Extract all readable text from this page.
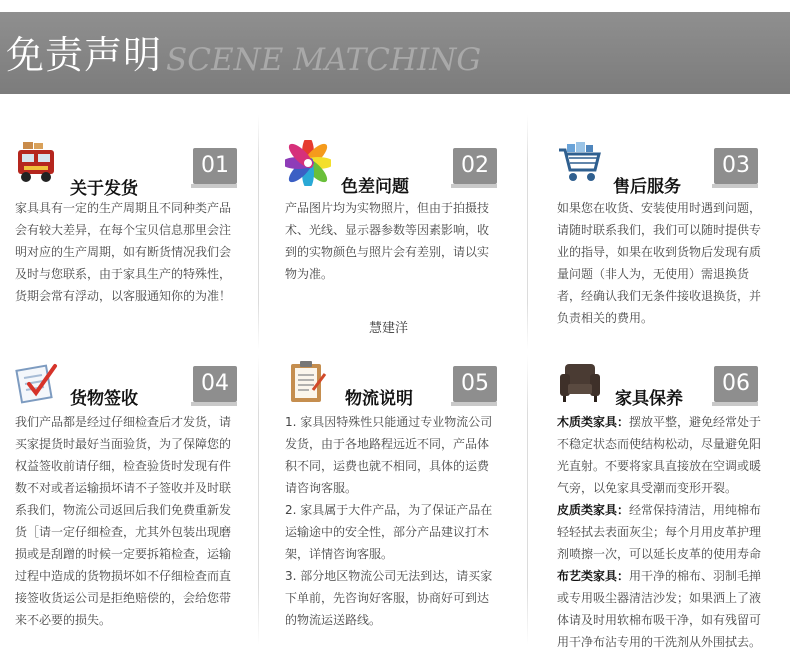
免责声明 SCENE MATCHING
关于发货
01
家具具有一定的生产周期且不同种类产品会有较大差异，在每个宝贝信息那里会注明对应的生产周期，如有断货情况我们会及时与您联系，由于家具生产的特殊性，货期会常有浮动，以客服通知你的为准！
色差问题
02
产品图片均为实物照片，但由于拍摄技术、光线、显示器参数等因素影响，收到的实物颜色与照片会有差别，请以实物为准。
售后服务
03
如果您在收货、安装使用时遇到问题，请随时联系我们，我们可以随时提供专业的指导，如果在收到货物后发现有质量问题（非人为，无使用）需退换货者，经确认我们无条件接收退换货，并负责相关的费用。
慧建洋
货物签收
04
我们产品都是经过仔细检查后才发货，请买家提货时最好当面验货，为了保障您的权益签收前请仔细，检查验货时发现有件数不对或者运输损坏请不子签收并及时联系我们，物流公司返回后我们免费重新发货［请一定仔细检查，尤其外包装出现磨损或是刮蹭的时候一定要拆箱检查，运输过程中造成的货物损坏如不仔细检查而直接签收货运公司是拒绝赔偿的，会给您带来不必要的损失。
物流说明
05

1. 家具因特殊性只能通过专业物流公司发货，由于各地路程远近不同，产品体积不同，运费也就不相同，具体的运费请咨询客服。

2. 家具属于大件产品，为了保证产品在运输途中的安全性，部分产品建议打木架，详情咨询客服。

3. 部分地区物流公司无法到达，请买家下单前，先咨询好客服，协商好可到达的物流运送路线。

家具保养
06

木质类家具：摆放平整，避免经常处于不稳定状态而使结构松动，尽量避免阳光直射。不要将家具直接放在空调或暖气旁，以免家具受潮而变形开裂。

皮质类家具：经常保持清洁，用纯棉布轻轻拭去表面灰尘；每个月用皮革护理剂喷擦一次，可以延长皮革的使用寿命

布艺类家具：用干净的棉布、羽制毛掸或专用吸尘器清洁沙发；如果洒上了液体请及时用软棉布吸干净，如有残留可用干净布沾专用的干洗剂从外围拭去。
